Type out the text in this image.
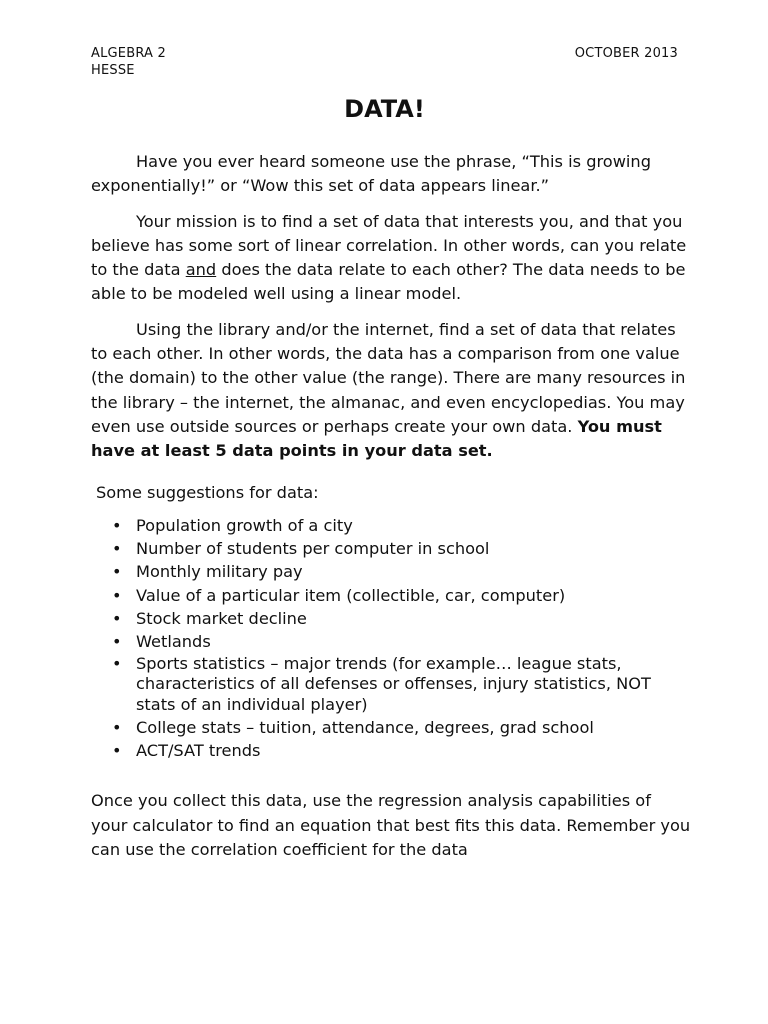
ALGEBRA 2
HESSE
OCTOBER 2013
DATA!

Have you ever heard someone use the phrase, “This is growing exponentially!” or “Wow this set of data appears linear.”

Your mission is to find a set of data that interests you, and that you believe has some sort of linear correlation. In other words, can you relate to the data and does the data relate to each other? The data needs to be able to be modeled well using a linear model.

Using the library and/or the internet, find a set of data that relates to each other. In other words, the data has a comparison from one value (the domain) to the other value (the range). There are many resources in the library – the internet, the almanac, and even encyclopedias. You may even use outside sources or perhaps create your own data. You must have at least 5 data points in your data set.

Some suggestions for data:
• Population growth of a city
• Number of students per computer in school
• Monthly military pay
• Value of a particular item (collectible, car, computer)
• Stock market decline
• Wetlands
• Sports statistics – major trends (for example… league stats, characteristics of all defenses or offenses, injury statistics, NOT stats of an individual player)
• College stats – tuition, attendance, degrees, grad school
• ACT/SAT trends

Once you collect this data, use the regression analysis capabilities of your calculator to find an equation that best fits this data. Remember you can use the correlation coefficient for the data
